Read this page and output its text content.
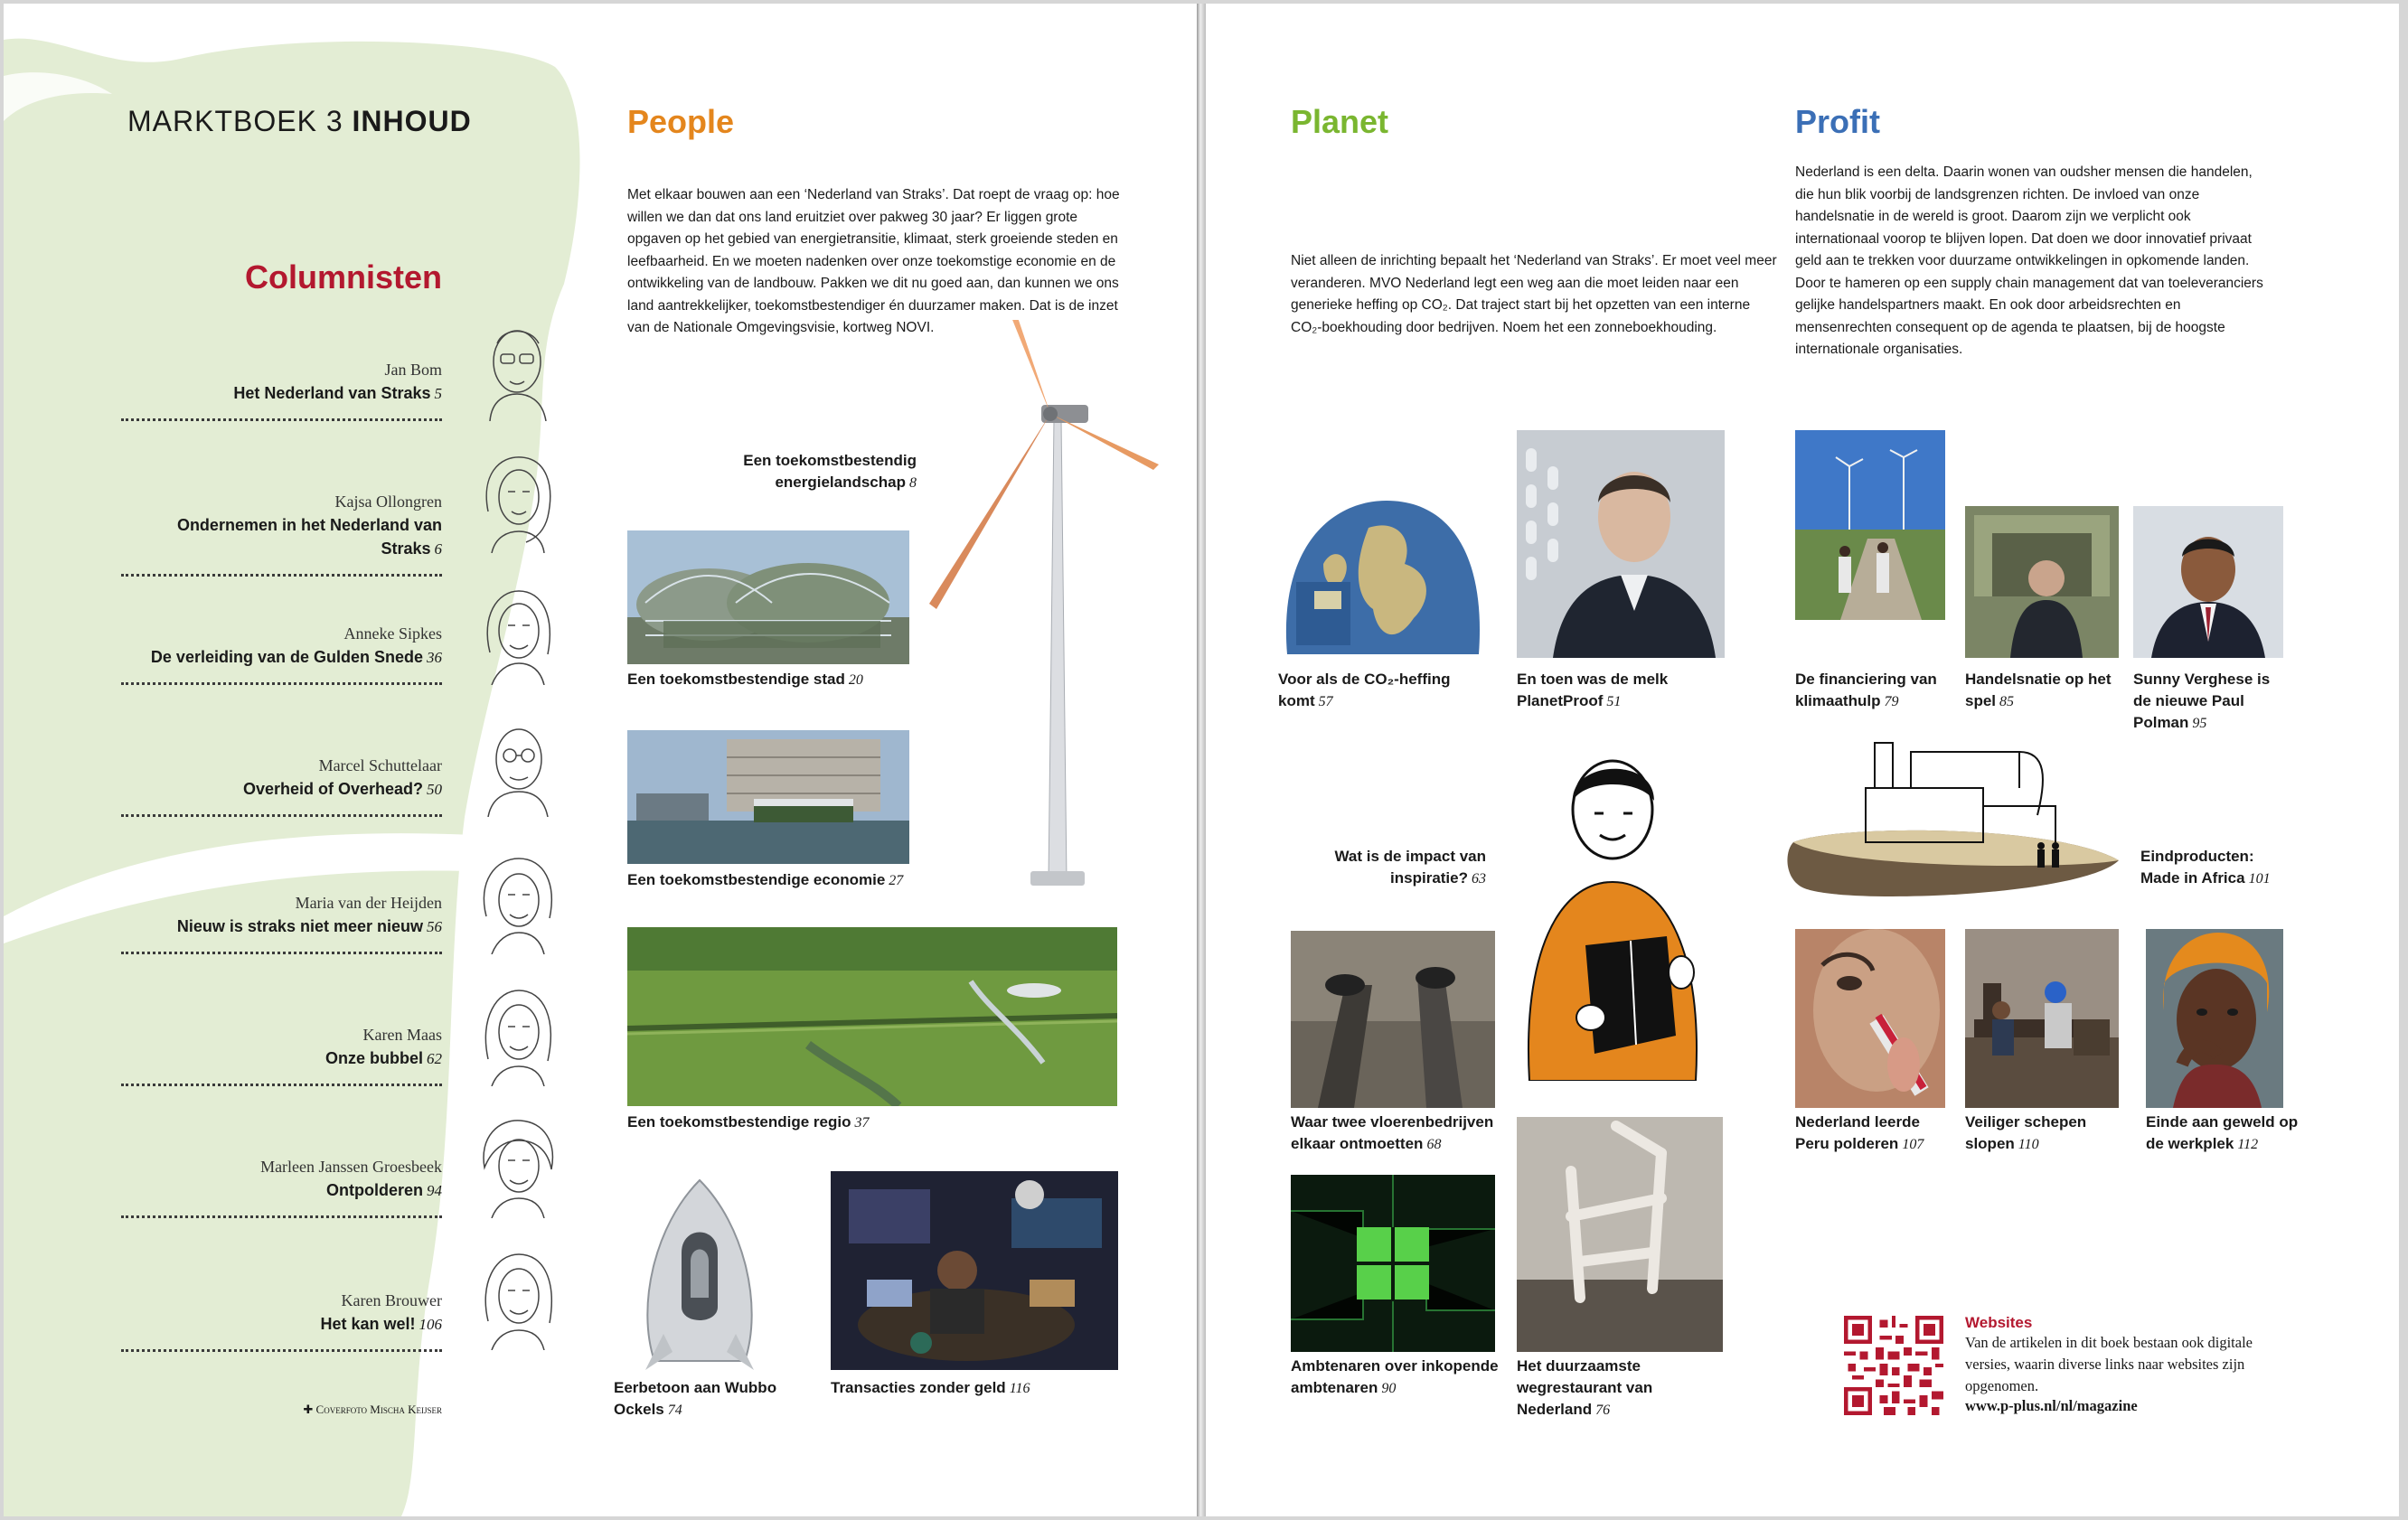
MARKTBOEK 3 INHOUD
Columnisten
Jan Bom
Het Nederland van Straks 5
Kajsa Ollongren
Ondernemen in het Nederland van Straks 6
Anneke Sipkes
De verleiding van de Gulden Snede 36
Marcel Schuttelaar
Overheid of Overhead? 50
Maria van der Heijden
Nieuw is straks niet meer nieuw 56
Karen Maas
Onze bubbel 62
Marleen Janssen Groesbeek
Ontpolderen 94
Karen Brouwer
Het kan wel! 106
✚ Coverfoto Mischa Keijser
People
Met elkaar bouwen aan een ‘Nederland van Straks’. Dat roept de vraag op: hoe willen we dan dat ons land eruitziet over pakweg 30 jaar? Er liggen grote opgaven op het gebied van energietransitie, klimaat, sterk groeiende steden en leefbaarheid. En we moeten nadenken over onze toekomstige economie en de ontwikkeling van de landbouw. Pakken we dit nu goed aan, dan kunnen we ons land aantrekkelijker, toekomstbestendiger én duurzamer maken. Dat is de inzet van de Nationale Omgevingsvisie, kortweg NOVI.
Een toekomstbestendig energielandschap 8
Een toekomstbestendige stad 20
Een toekomstbestendige economie 27
Een toekomstbestendige regio 37
Eerbetoon aan Wubbo Ockels 74
Transacties zonder geld 116
Planet
Niet alleen de inrichting bepaalt het ‘Nederland van Straks’. Er moet veel meer veranderen. MVO Nederland legt een weg aan die moet leiden naar een generieke heffing op CO₂. Dat traject start bij het opzetten van een interne CO₂-boekhouding door bedrijven. Noem het een zonneboekhouding.
Voor als de CO₂-heffing komt 57
En toen was de melk PlanetProof 51
Wat is de impact van inspiratie? 63
Waar twee vloerenbedrijven elkaar ontmoetten 68
Ambtenaren over inkopende ambtenaren 90
Het duurzaamste wegrestaurant van Nederland 76
Profit
Nederland is een delta. Daarin wonen van oudsher mensen die handelen, die hun blik voorbij de landsgrenzen richten. De invloed van onze handelsnatie in de wereld is groot. Daarom zijn we verplicht ook internationaal voorop te blijven lopen. Dat doen we door innovatief privaat geld aan te trekken voor duurzame ontwikkelingen in opkomende landen. Door te hameren op een supply chain management dat van toeleveranciers gelijke handelspartners maakt. En ook door arbeidsrechten en mensenrechten consequent op de agenda te plaatsen, bij de hoogste internationale organisaties.
De financiering van klimaathulp 79
Handelsnatie op het spel 85
Sunny Verghese is de nieuwe Paul Polman 95
Eindproducten: Made in Africa 101
Nederland leerde Peru polderen 107
Veiliger schepen slopen 110
Einde aan geweld op de werkplek 112
Websites
Van de artikelen in dit boek bestaan ook digitale versies, waarin diverse links naar websites zijn opgenomen.
www.p-plus.nl/nl/magazine
